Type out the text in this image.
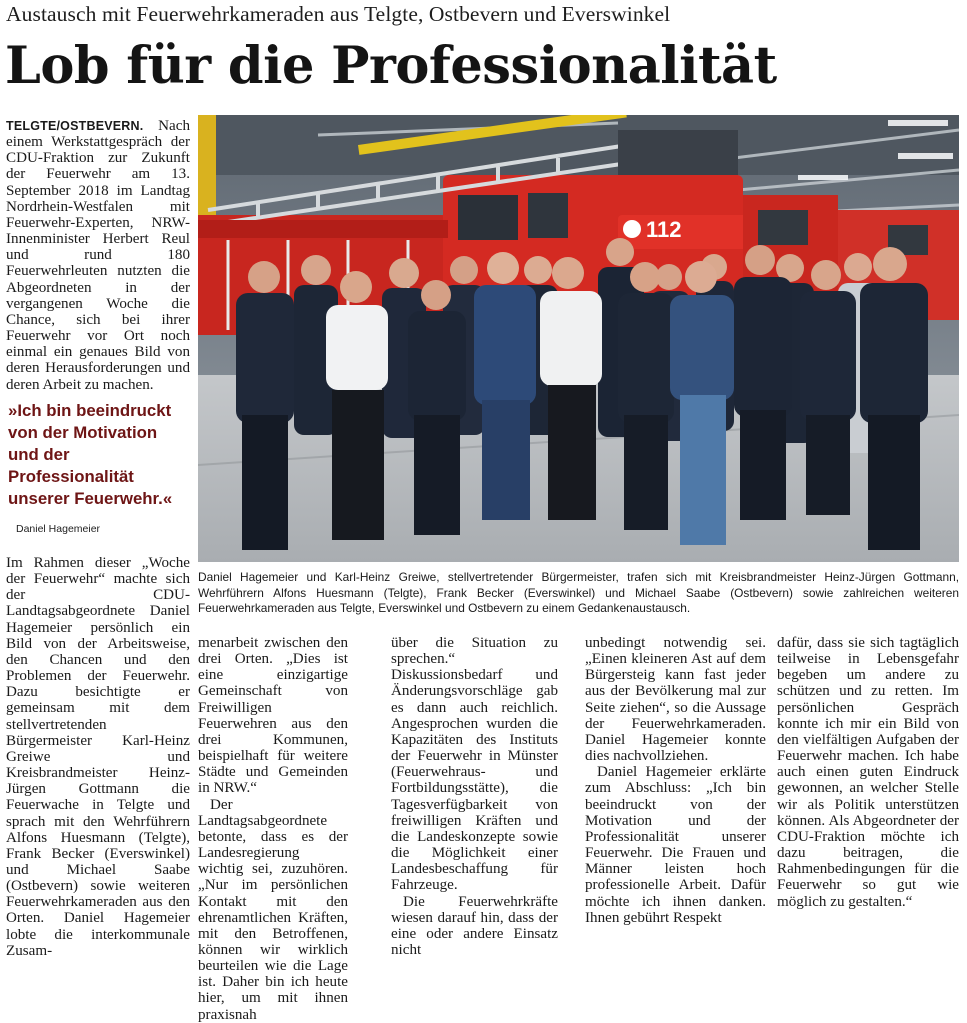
Austausch mit Feuerwehrkameraden aus Telgte, Ostbevern und Everswinkel
Lob für die Professionalität

TELGTE/OSTBEVERN. Nach einem Werkstattgespräch der CDU-Fraktion zur Zukunft der Feuerwehr am 13. September 2018 im Landtag Nordrhein-Westfalen mit Feuerwehr-Experten, NRW-Innenminister Herbert Reul und rund 180 Feuerwehrleuten nutzten die Abgeordneten in der vergangenen Woche die Chance, sich bei ihrer Feuerwehr vor Ort noch einmal ein genaues Bild von deren Herausforderungen und deren Arbeit zu machen.

»Ich bin beeindruckt von der Motivation und der Professionalität unserer Feuerwehr.«
Daniel Hagemeier

Im Rahmen dieser „Woche der Feuerwehr“ machte sich der CDU-Landtagsabgeordnete Daniel Hagemeier persönlich ein Bild von der Arbeitsweise, den Chancen und den Problemen der Feuerwehr. Dazu besichtigte er gemeinsam mit dem stellvertretenden Bürgermeister Karl-Heinz Greiwe und Kreisbrandmeister Heinz-Jürgen Gottmann die Feuerwache in Telgte und sprach mit den Wehrführern Alfons Huesmann (Telgte), Frank Becker (Everswinkel) und Michael Saabe (Ostbevern) sowie weiteren Feuerwehrkameraden aus den Orten. Daniel Hagemeier lobte die interkommunale Zusam-

menarbeit zwischen den drei Orten. „Dies ist eine einzigartige Gemeinschaft von Freiwilligen Feuerwehren aus den drei Kommunen, beispielhaft für weitere Städte und Gemeinden in NRW.“

Der Landtagsabgeordnete betonte, dass es der Landesregierung wichtig sei, zuzuhören. „Nur im persönlichen Kontakt mit den ehrenamtlichen Kräften, mit den Betroffenen, können wir wirklich beurteilen wie die Lage ist. Daher bin ich heute hier, um mit ihnen praxisnah

über die Situation zu sprechen.“ Diskussionsbedarf und Änderungsvorschläge gab es dann auch reichlich. Angesprochen wurden die Kapazitäten des Instituts der Feuerwehr in Münster (Feuerwehraus- und Fortbildungsstätte), die Tagesverfügbarkeit von freiwilligen Kräften und die Landeskonzepte sowie die Möglichkeit einer Landesbeschaffung für Fahrzeuge.

Die Feuerwehrkräfte wiesen darauf hin, dass der eine oder andere Einsatz nicht

unbedingt notwendig sei. „Einen kleineren Ast auf dem Bürgersteig kann fast jeder aus der Bevölkerung mal zur Seite ziehen“, so die Aussage der Feuerwehrkameraden. Daniel Hagemeier konnte dies nachvollziehen.

Daniel Hagemeier erklärte zum Abschluss: „Ich bin beeindruckt von der Motivation und der Professionalität unserer Feuerwehr. Die Frauen und Männer leisten hoch professionelle Arbeit. Dafür möchte ich ihnen danken. Ihnen gebührt Respekt

dafür, dass sie sich tagtäglich teilweise in Lebensgefahr begeben um andere zu schützen und zu retten. Im persönlichen Gespräch konnte ich mir ein Bild von den vielfältigen Aufgaben der Feuerwehr machen. Ich habe auch einen guten Eindruck gewonnen, an welcher Stelle wir als Politik unterstützen können. Als Abgeordneter der CDU-Fraktion möchte ich dazu beitragen, die Rahmenbedingungen für die Feuerwehr so gut wie möglich zu gestalten.“

112
Daniel Hagemeier und Karl-Heinz Greiwe, stellvertretender Bürgermeister, trafen sich mit Kreisbrandmeister Heinz-Jürgen Gottmann, Wehrführern Alfons Huesmann (Telgte), Frank Becker (Everswinkel) und Michael Saabe (Ostbevern) sowie zahlreichen weiteren Feuerwehrkameraden aus Telgte, Everswinkel und Ostbevern zu einem Gedankenaustausch.
